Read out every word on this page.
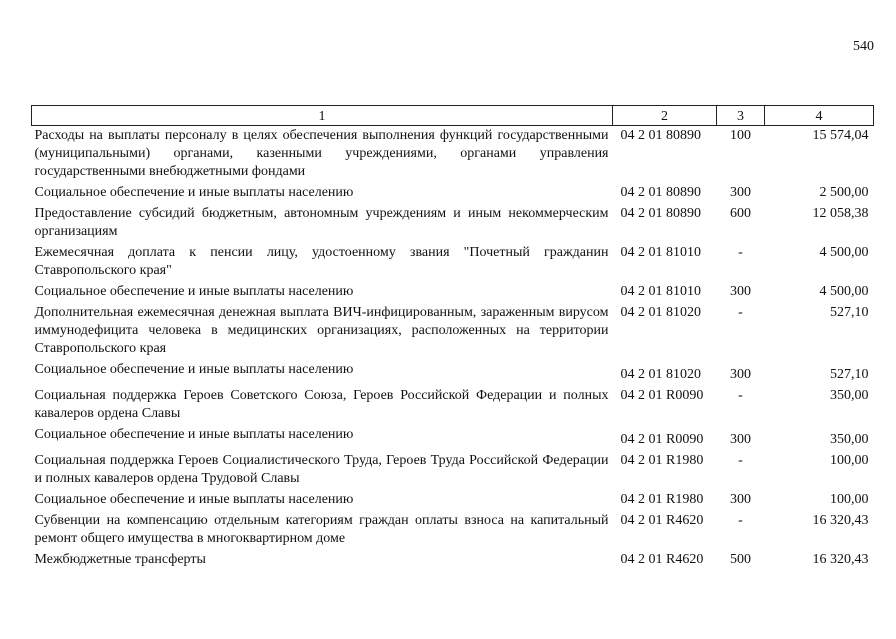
540
1	2	3	4
Расходы на выплаты персоналу в целях обеспечения выполнения функций государственными (муниципальными) органами, казенными учреждениями, органами управления государственными внебюджетными фондами	04 2 01 80890	100	15 574,04
Социальное обеспечение и иные выплаты населению	04 2 01 80890	300	2 500,00
Предоставление субсидий бюджетным, автономным учреждениям и иным некоммерческим организациям	04 2 01 80890	600	12 058,38
Ежемесячная доплата к пенсии лицу, удостоенному звания "Почетный гражданин Ставропольского края"	04 2 01 81010	-	4 500,00
Социальное обеспечение и иные выплаты населению	04 2 01 81010	300	4 500,00
Дополнительная ежемесячная денежная выплата ВИЧ-инфицированным, зараженным вирусом иммунодефицита человека в медицинских организациях, расположенных на территории Ставропольского края	04 2 01 81020	-	527,10
Социальное обеспечение и иные выплаты населению	04 2 01 81020	300	527,10
Социальная поддержка Героев Советского Союза, Героев Российской Федерации и полных кавалеров ордена Славы	04 2 01 R0090	-	350,00
Социальное обеспечение и иные выплаты населению	04 2 01 R0090	300	350,00
Социальная поддержка Героев Социалистического Труда, Героев Труда Российской Федерации и полных кавалеров ордена Трудовой Славы	04 2 01 R1980	-	100,00
Социальное обеспечение и иные выплаты населению	04 2 01 R1980	300	100,00
Субвенции на компенсацию отдельным категориям граждан оплаты взноса на капитальный ремонт общего имущества в многоквартирном доме	04 2 01 R4620	-	16 320,43
Межбюджетные трансферты	04 2 01 R4620	500	16 320,43
